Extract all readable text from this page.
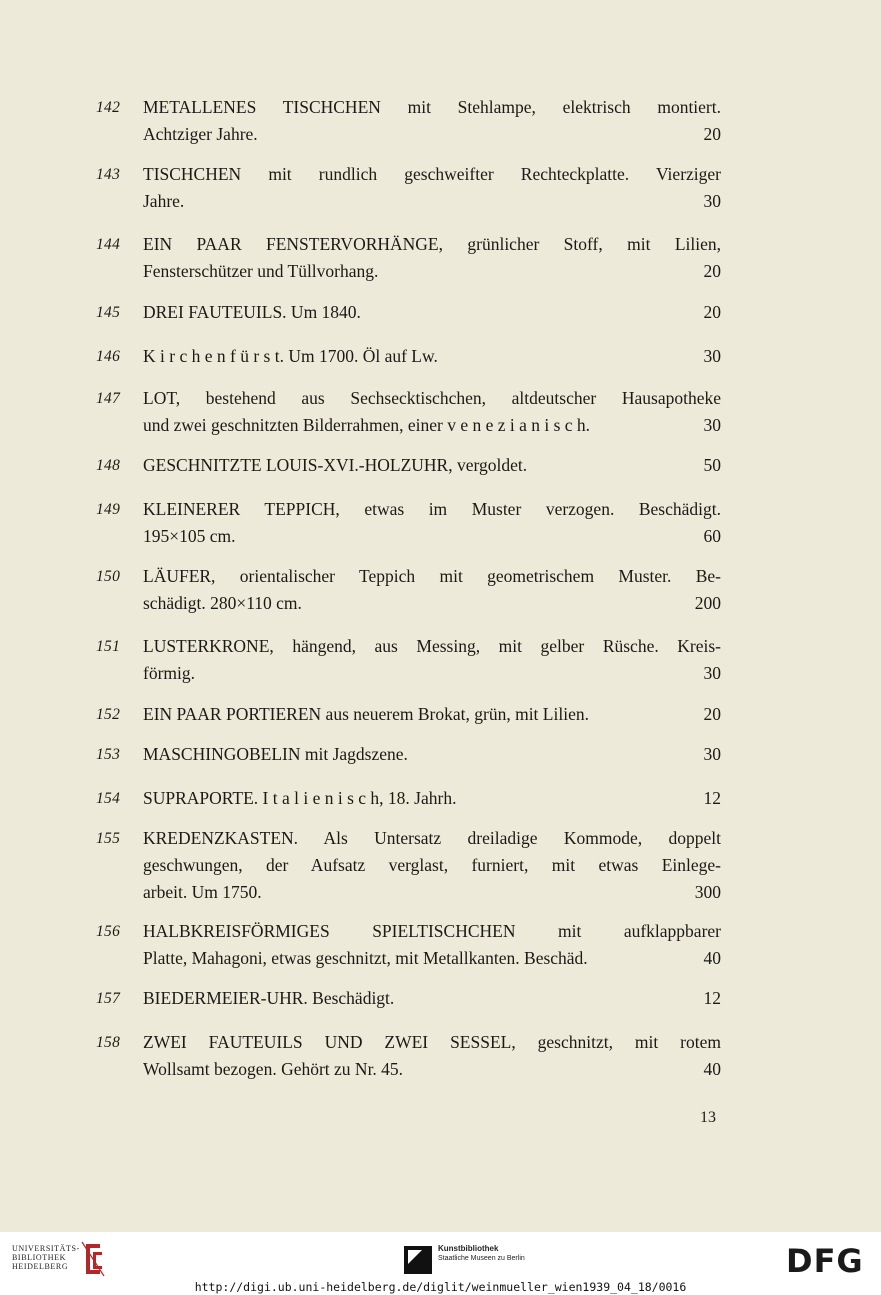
142	METALLENES TISCHCHEN mit Stehlampe, elektrisch montiert.
Achtziger Jahre.	20
143	TISCHCHEN mit rundlich geschweifter Rechteckplatte. Vierziger
Jahre.	30
144	EIN PAAR FENSTERVORHÄNGE, grünlicher Stoff, mit Lilien,
Fensterschützer und Tüllvorhang.	20
145	DREI FAUTEUILS. Um 1840.	20
146	K i r c h e n f ü r s t. Um 1700. Öl auf Lw.	30
147	LOT, bestehend aus Sechsecktischchen, altdeutscher Hausapotheke
und zwei geschnitzten Bilderrahmen, einer v e n e z i a n i s c h.	30
148	GESCHNITZTE LOUIS-XVI.-HOLZUHR, vergoldet.	50
149	KLEINERER TEPPICH, etwas im Muster verzogen. Beschädigt.
195×105 cm.	60
150	LÄUFER, orientalischer Teppich mit geometrischem Muster. Be-
schädigt. 280×110 cm.	200
151	LUSTERKRONE, hängend, aus Messing, mit gelber Rüsche. Kreis-
förmig.	30
152	EIN PAAR PORTIEREN aus neuerem Brokat, grün, mit Lilien.	20
153	MASCHINGOBELIN mit Jagdszene.	30
154	SUPRAPORTE. I t a l i e n i s c h, 18. Jahrh.	12
155	KREDENZKASTEN. Als Untersatz dreiladige Kommode, doppelt
geschwungen, der Aufsatz verglast, furniert, mit etwas Einlege-
arbeit. Um 1750.	300
156	HALBKREISFÖRMIGES SPIELTISCHCHEN mit aufklappbarer
Platte, Mahagoni, etwas geschnitzt, mit Metallkanten. Beschäd.	40
157	BIEDERMEIER-UHR. Beschädigt.	12
158	ZWEI FAUTEUILS UND ZWEI SESSEL, geschnitzt, mit rotem
Wollsamt bezogen. Gehört zu Nr. 45.	40
13
UNIVERSITÄTS-
BIBLIOTHEK
HEIDELBERG
Kunstbibliothek
Staatliche Museen zu Berlin	DFG
http://digi.ub.uni-heidelberg.de/diglit/weinmueller_wien1939_04_18/0016
